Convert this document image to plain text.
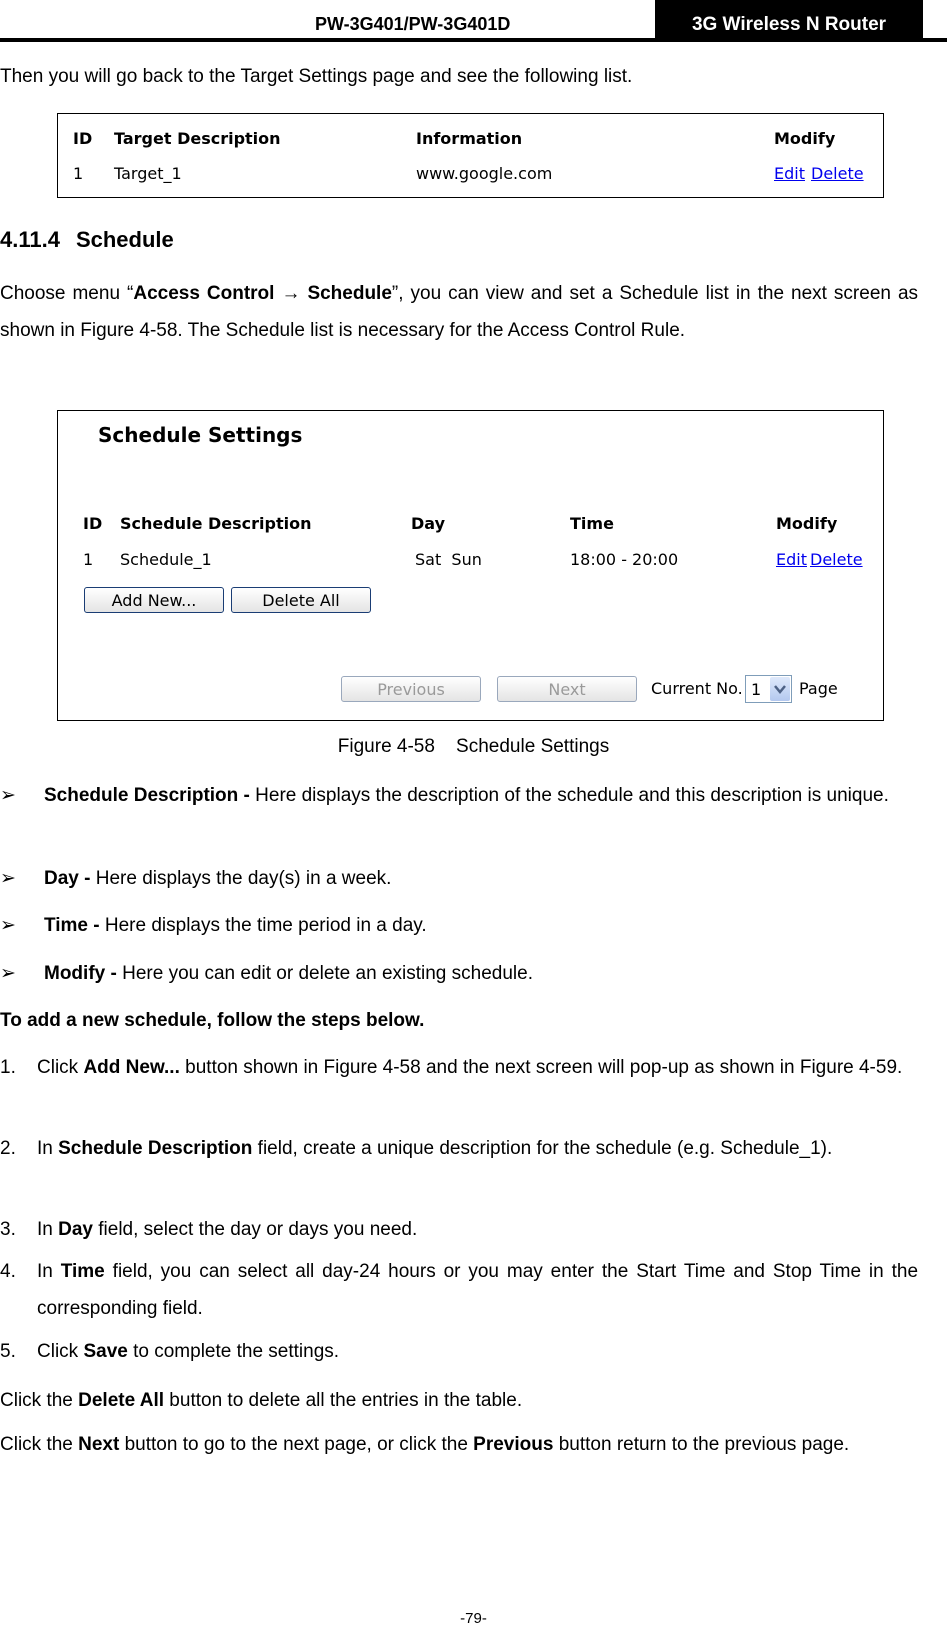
PW-3G401/PW-3G401D	3G Wireless N Router
Then you will go back to the Target Settings page and see the following list.
ID Target Description	Information	Modify
1 Target_1	www.google.com	Edit Delete
4.11.4 Schedule
Choose menu “Access Control → Schedule”, you can view and set a Schedule list in the next screen as shown in Figure 4-58. The Schedule list is necessary for the Access Control Rule.
Schedule Settings
ID Schedule Description	Day	Time	Modify
1 Schedule_1	Sat  Sun	18:00 - 20:00	Edit Delete
Add New...	Delete All
Previous	Next	Current No. 1 Page
Figure 4-58    Schedule Settings
➢ Schedule Description - Here displays the description of the schedule and this description is unique.
➢ Day - Here displays the day(s) in a week.
➢ Time - Here displays the time period in a day.
➢ Modify - Here you can edit or delete an existing schedule.
To add a new schedule, follow the steps below.
1. Click Add New... button shown in Figure 4-58 and the next screen will pop-up as shown in Figure 4-59.
2. In Schedule Description field, create a unique description for the schedule (e.g. Schedule_1).
3. In Day field, select the day or days you need.
4. In Time field, you can select all day-24 hours or you may enter the Start Time and Stop Time in the corresponding field.
5. Click Save to complete the settings.
Click the Delete All button to delete all the entries in the table.
Click the Next button to go to the next page, or click the Previous button return to the previous page.
-79-
